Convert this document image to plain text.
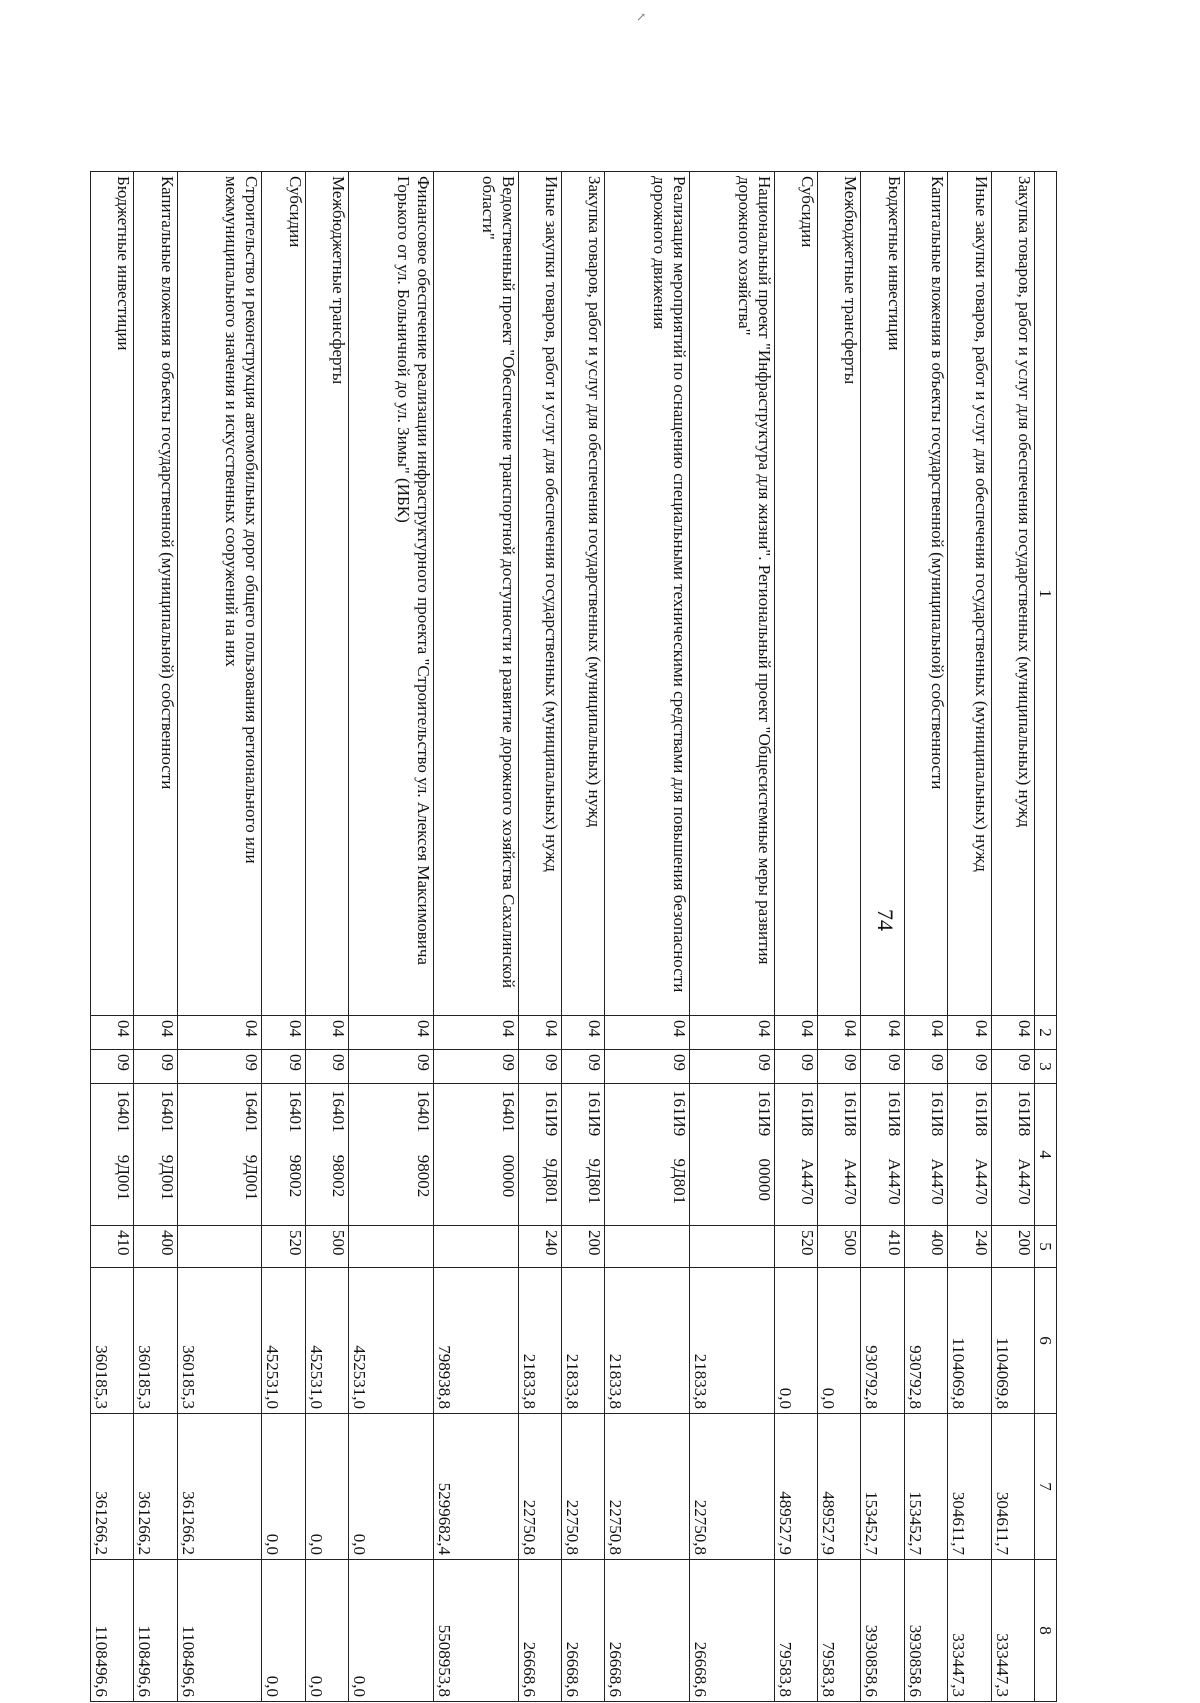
↗
74
1	2	3	4	5	6	7	8
Закупка товаров, работ и услуг для обеспечения государственных (муниципальных) нужд	04	09	161И8 А4470	200	1104069,8	304611,7	333447,3
Иные закупки товаров, работ и услуг для обеспечения государственных (муниципальных) нужд	04	09	161И8 А4470	240	1104069,8	304611,7	333447,3
Капитальные вложения в объекты государственной (муниципальной) собственности	04	09	161И8 А4470	400	930792,8	153452,7	3930858,6
Бюджетные инвестиции	04	09	161И8 А4470	410	930792,8	153452,7	3930858,6
Межбюджетные трансферты	04	09	161И8 А4470	500	0,0	489527,9	79583,8
Субсидии	04	09	161И8 А4470	520	0,0	489527,9	79583,8
Национальный проект "Инфраструктура для жизни". Региональный проект "Общесистемные меры развития дорожного хозяйства"	04	09	161И9 00000		21833,8	22750,8	26668,6
Реализация мероприятий по оснащению специальными техническими средствами для повышения безопасности дорожного движения	04	09	161И9 9Д801		21833,8	22750,8	26668,6
Закупка товаров, работ и услуг для обеспечения государственных (муниципальных) нужд	04	09	161И9 9Д801	200	21833,8	22750,8	26668,6
Иные закупки товаров, работ и услуг для обеспечения государственных (муниципальных) нужд	04	09	161И9 9Д801	240	21833,8	22750,8	26668,6
Ведомственный проект "Обеспечение транспортной доступности и развитие дорожного хозяйства Сахалинской области"	04	09	16401 00000		798938,8	5299682,4	5508953,8
Финансовое обеспечение реализации инфраструктурного проекта "Строительство ул. Алексея Максимовича Горького от ул. Больничной до ул. Зимы" (ИБК)	04	09	16401 98002		452531,0	0,0	0,0
Межбюджетные трансферты	04	09	16401 98002	500	452531,0	0,0	0,0
Субсидии	04	09	16401 98002	520	452531,0	0,0	0,0
Строительство и реконструкция автомобильных дорог общего пользования регионального или межмуниципального значения и искусственных сооружений на них	04	09	16401 9Д001		360185,3	361266,2	1108496,6
Капитальные вложения в объекты государственной (муниципальной) собственности	04	09	16401 9Д001	400	360185,3	361266,2	1108496,6
Бюджетные инвестиции	04	09	16401 9Д001	410	360185,3	361266,2	1108496,6
